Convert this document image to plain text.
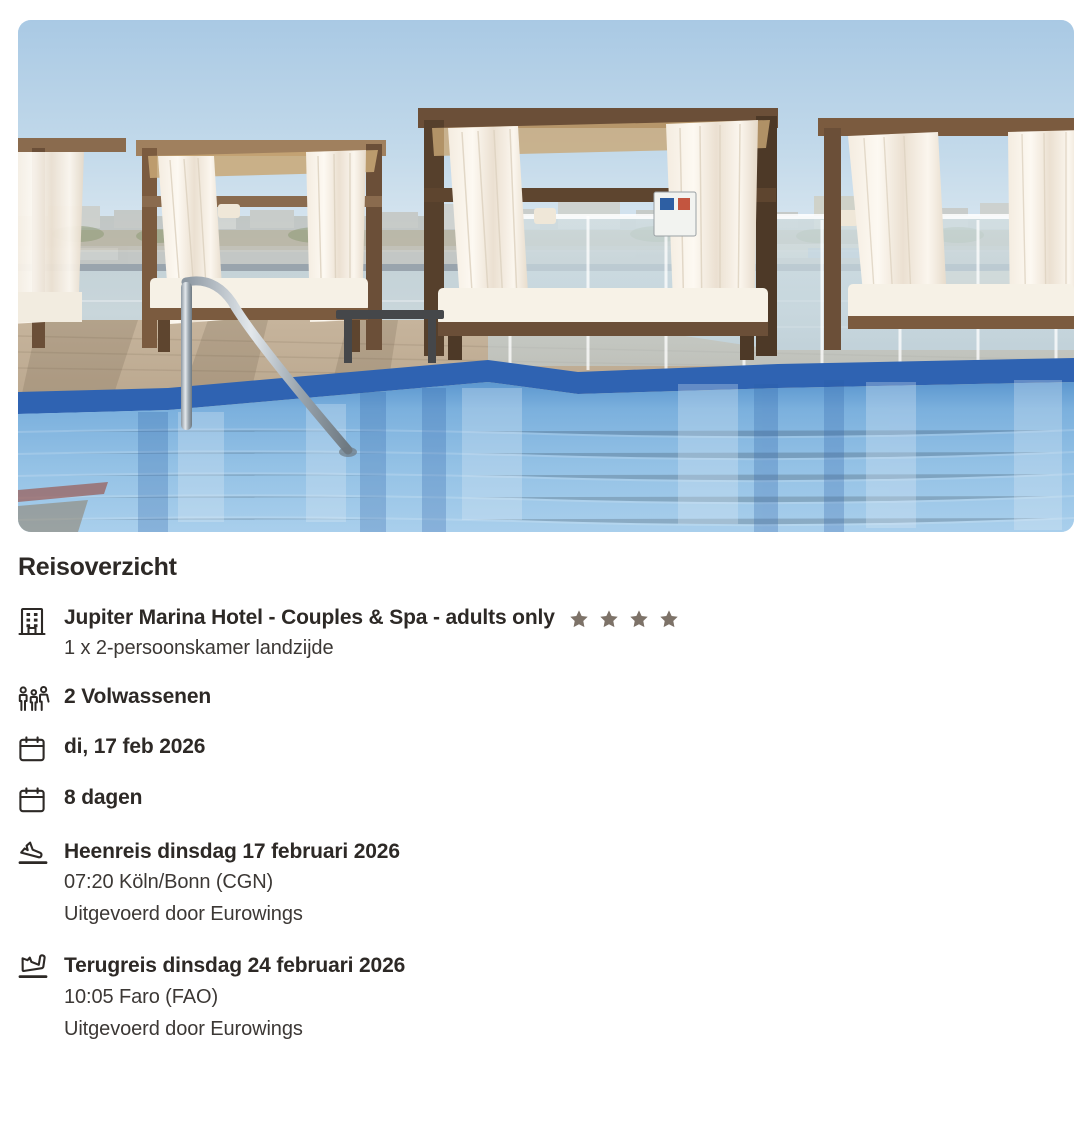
Reisoverzicht
Jupiter Marina Hotel - Couples & Spa - adults only
1 x 2-persoonskamer landzijde
2 Volwassenen
di, 17 feb 2026
8 dagen
Heenreis dinsdag 17 februari 2026
07:20 Köln/Bonn (CGN)
Uitgevoerd door Eurowings
Terugreis dinsdag 24 februari 2026
10:05 Faro (FAO)
Uitgevoerd door Eurowings
